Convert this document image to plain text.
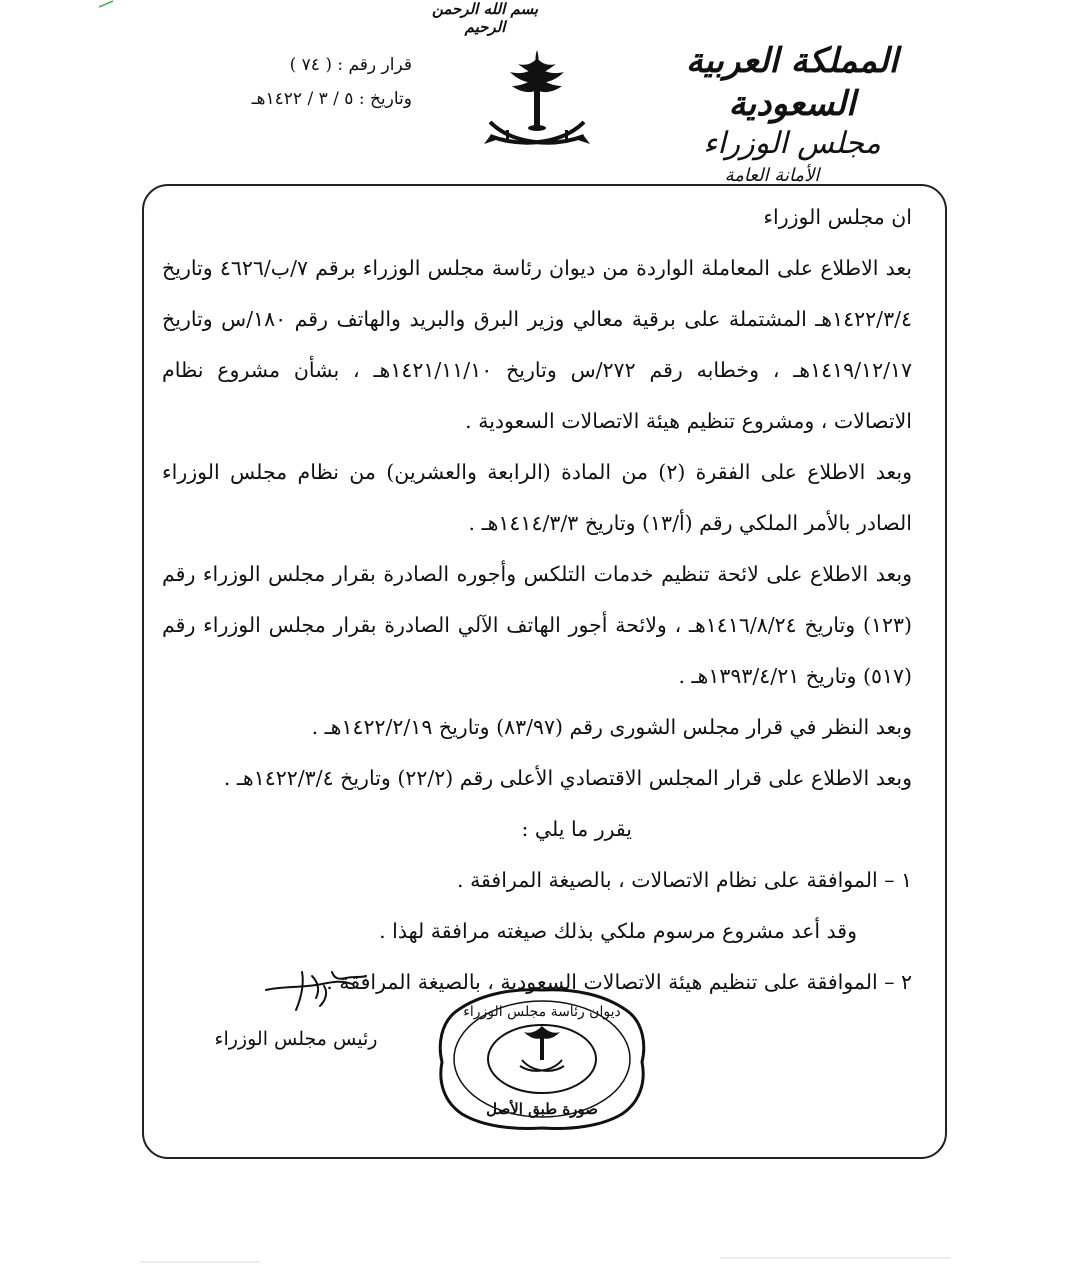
بسم الله الرحمن الرحيم
المملكة العربية السعودية
مجلس الوزراء
الأمانة العامة
قرار رقم : ( ٧٤ )
وتاريخ : ٥ / ٣ / ١٤٢٢هـ

ان مجلس الوزراء

بعد الاطلاع على المعاملة الواردة من ديوان رئاسة مجلس الوزراء برقم ٧/ب/٤٦٢٦ وتاريخ ١٤٢٢/٣/٤هـ المشتملة على برقية معالي وزير البرق والبريد والهاتف رقم ١٨٠/س وتاريخ ١٤١٩/١٢/١٧هـ ، وخطابه رقم ٢٧٢/س وتاريخ ١٤٢١/١١/١٠هـ ، بشأن مشروع نظام الاتصالات ، ومشروع تنظيم هيئة الاتصالات السعودية .

وبعد الاطلاع على الفقرة (٢) من المادة (الرابعة والعشرين) من نظام مجلس الوزراء الصادر بالأمر الملكي رقم (أ/١٣) وتاريخ ١٤١٤/٣/٣هـ .

وبعد الاطلاع على لائحة تنظيم خدمات التلكس وأجوره الصادرة بقرار مجلس الوزراء رقم (١٢٣) وتاريخ ١٤١٦/٨/٢٤هـ ، ولائحة أجور الهاتف الآلي الصادرة بقرار مجلس الوزراء رقم (٥١٧) وتاريخ ١٣٩٣/٤/٢١هـ .

وبعد النظر في قرار مجلس الشورى رقم (٨٣/٩٧) وتاريخ ١٤٢٢/٢/١٩هـ .

وبعد الاطلاع على قرار المجلس الاقتصادي الأعلى رقم (٢٢/٢) وتاريخ ١٤٢٢/٣/٤هـ .

يقرر ما يلي :

١ – الموافقة على نظام الاتصالات ، بالصيغة المرافقة .

وقد أعد مشروع مرسوم ملكي بذلك صيغته مرافقة لهذا .

٢ – الموافقة على تنظيم هيئة الاتصالات السعودية ، بالصيغة المرافقة .

رئيس مجلس الوزراء
صورة طبق الأصل
ديوان رئاسة مجلس الوزراء
